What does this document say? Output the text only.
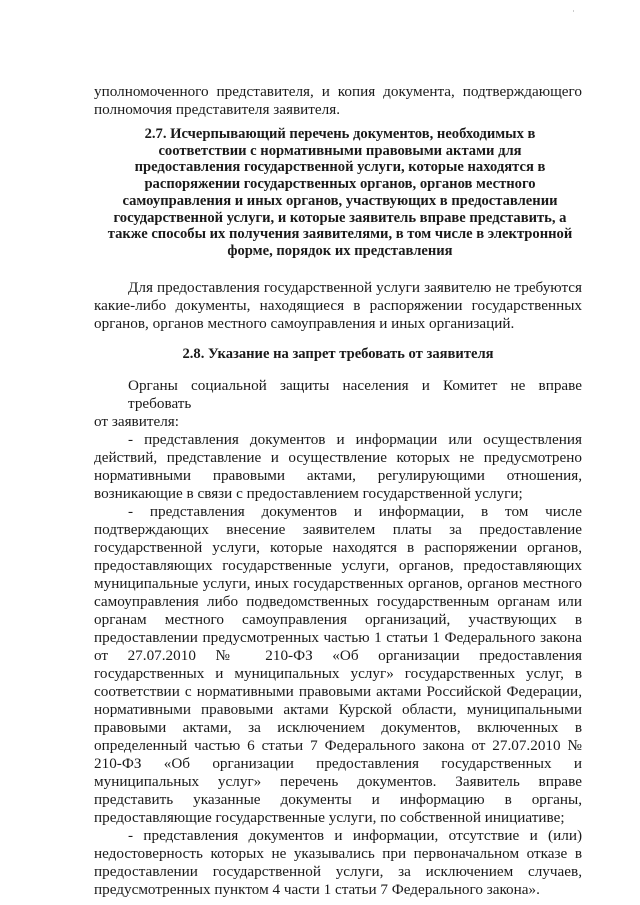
˙
уполномоченного представителя, и копия документа, подтверждающего
полномочия представителя заявителя.
2.7. Исчерпывающий перечень документов, необходимых в
соответствии с нормативными правовыми актами для
предоставления государственной услуги, которые находятся в
распоряжении государственных органов, органов местного
самоуправления и иных органов, участвующих в предоставлении
государственной услуги, и которые заявитель вправе представить, а
также способы их получения заявителями, в том числе в электронной
форме, порядок их представления
Для предоставления государственной услуги заявителю не требуются
какие-либо документы, находящиеся в распоряжении государственных
органов, органов местного самоуправления и иных организаций.
2.8. Указание на запрет требовать от заявителя
Органы социальной защиты населения и Комитет не вправе требовать
от заявителя:
- представления документов и информации или осуществления
действий, представление и осуществление которых не предусмотрено
нормативными правовыми актами, регулирующими отношения,
возникающие в связи с предоставлением государственной услуги;
- представления документов и информации, в том числе
подтверждающих внесение заявителем платы за предоставление
государственной услуги, которые находятся в распоряжении органов,
предоставляющих государственные услуги, органов, предоставляющих
муниципальные услуги, иных государственных органов, органов местного
самоуправления либо подведомственных государственным органам или
органам местного самоуправления организаций, участвующих в
предоставлении предусмотренных частью 1 статьи 1 Федерального закона
от 27.07.2010 № 210-ФЗ «Об организации предоставления
государственных и муниципальных услуг» государственных услуг, в
соответствии с нормативными правовыми актами Российской Федерации,
нормативными правовыми актами Курской области, муниципальными
правовыми актами, за исключением документов, включенных в
определенный частью 6 статьи 7 Федерального закона от 27.07.2010 №
210-ФЗ «Об организации предоставления государственных и
муниципальных услуг» перечень документов. Заявитель вправе
представить указанные документы и информацию в органы,
предоставляющие государственные услуги, по собственной инициативе;
- представления документов и информации, отсутствие и (или)
недостоверность которых не указывались при первоначальном отказе в
предоставлении государственной услуги, за исключением случаев,
предусмотренных пунктом 4 части 1 статьи 7 Федерального закона».
